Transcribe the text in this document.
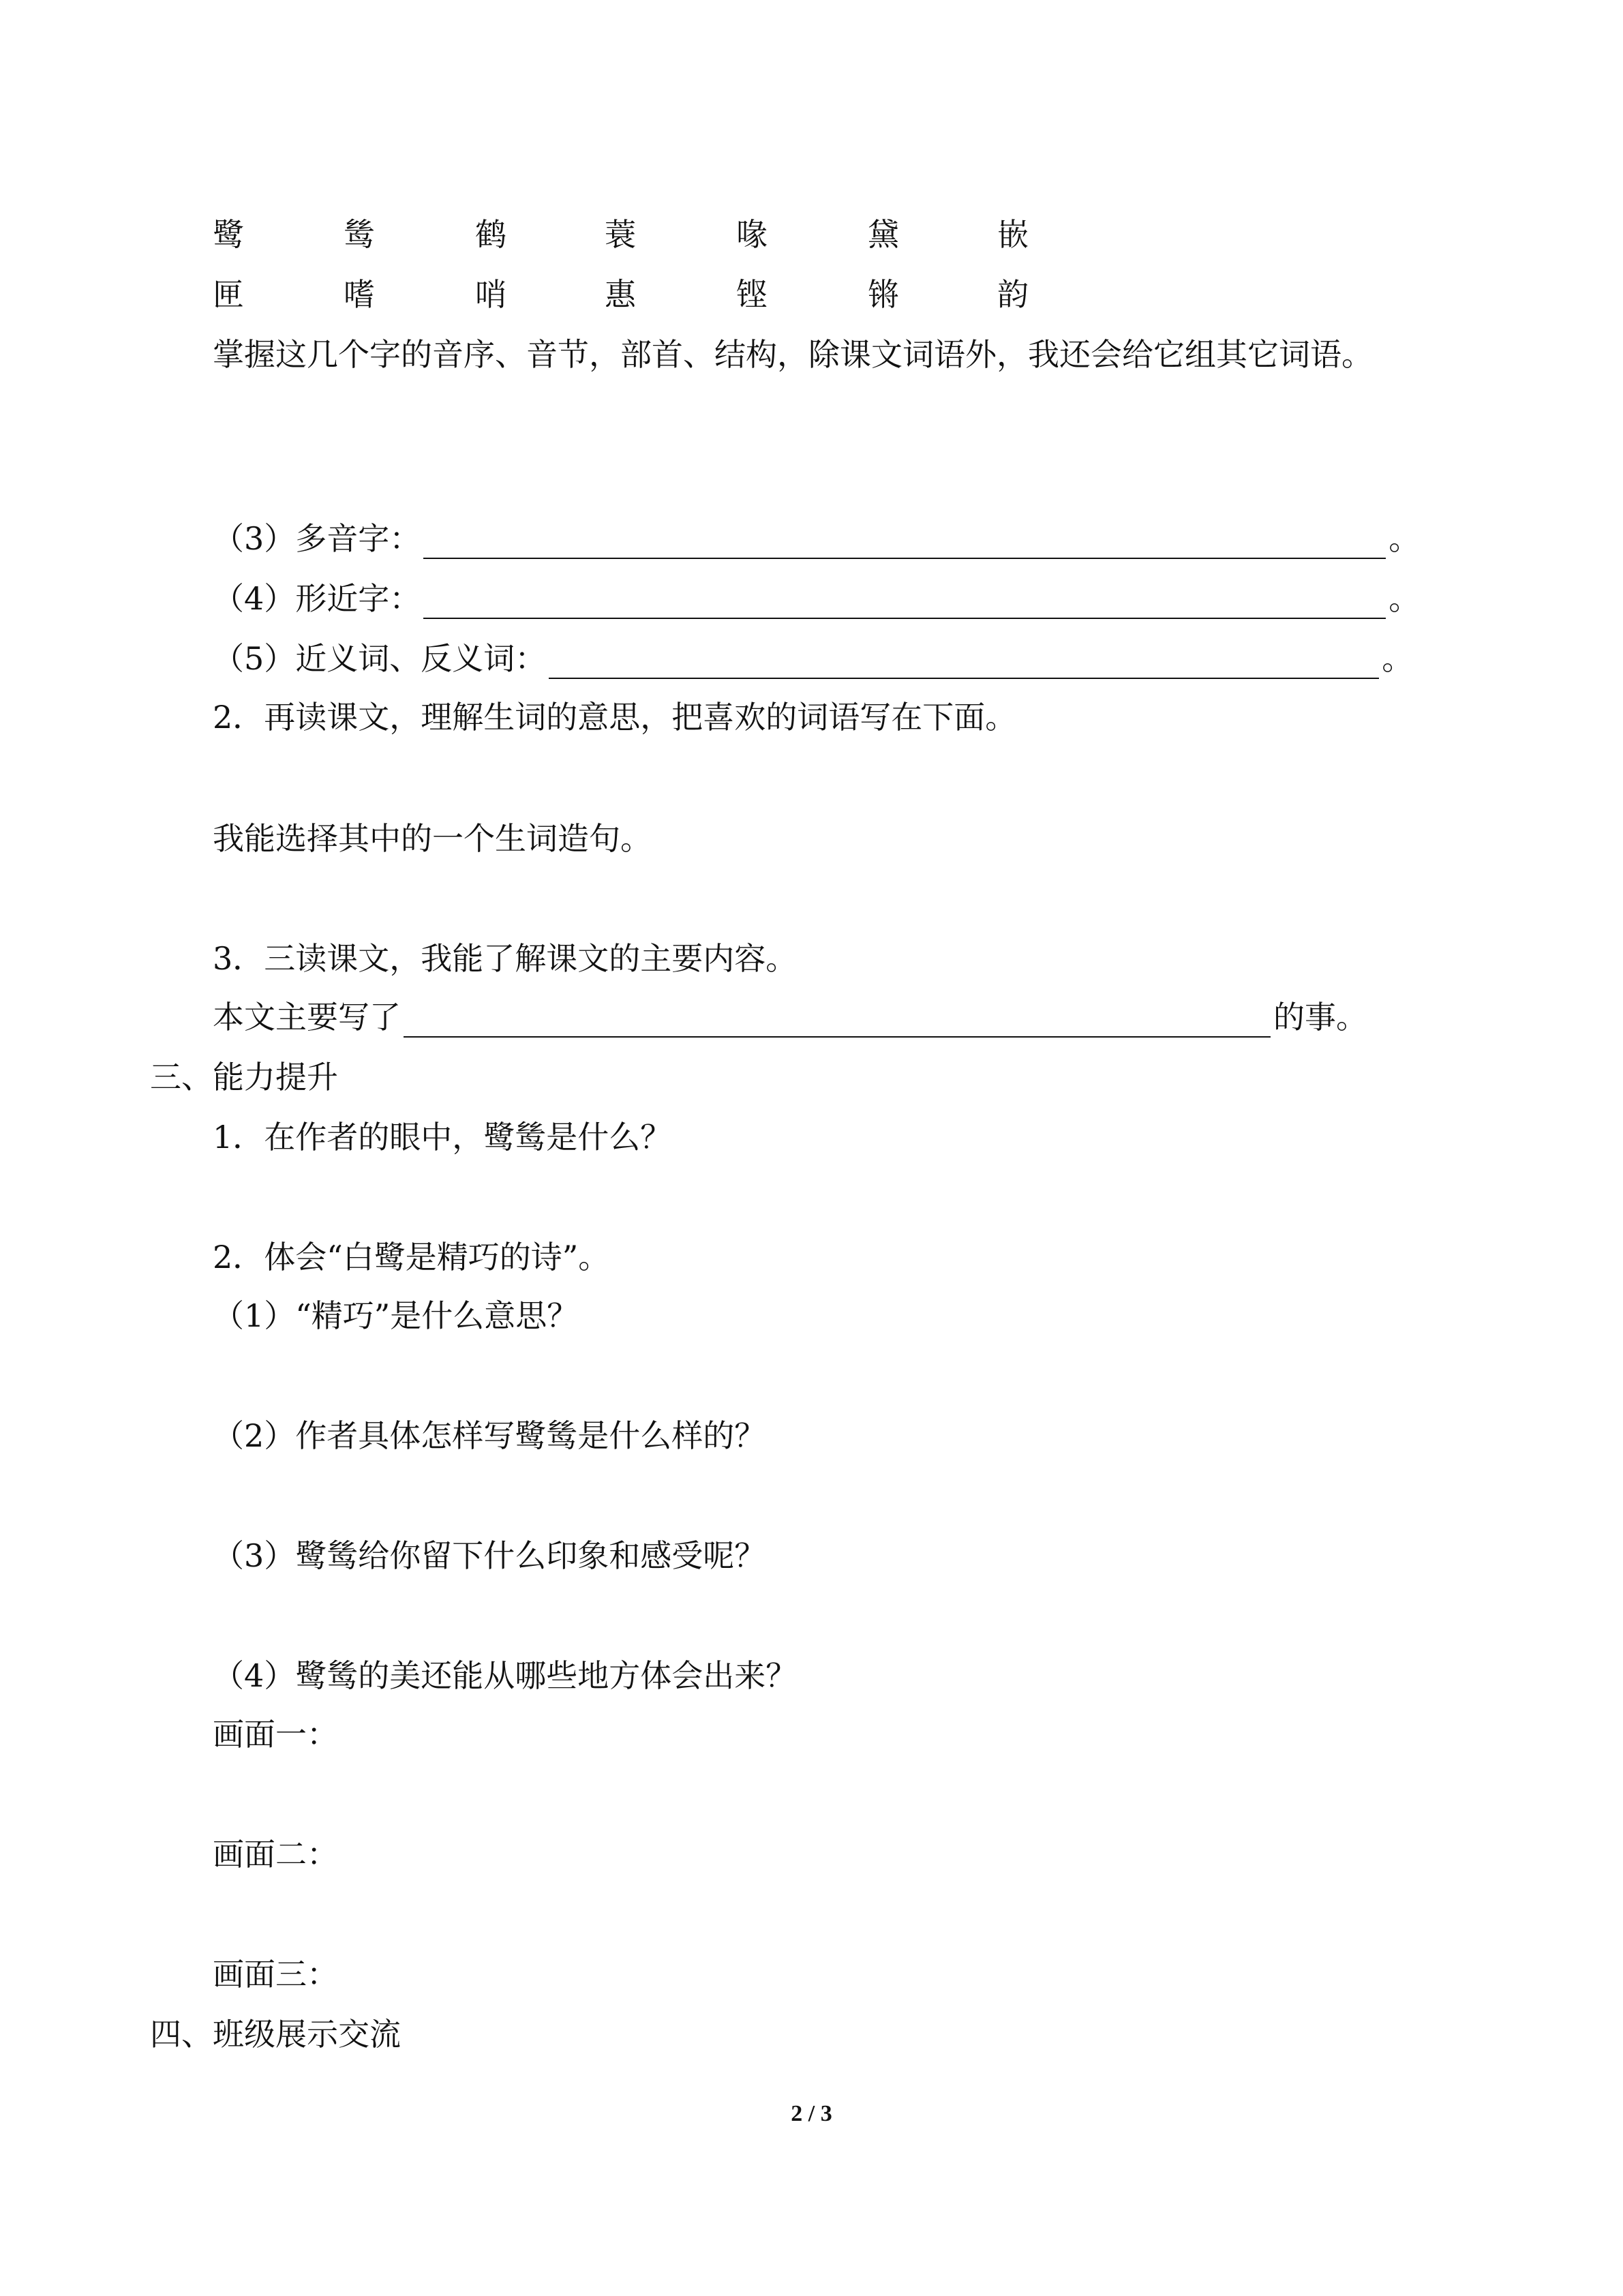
鹭	鸶	鹤	蓑	喙	黛	嵌
匣	嗜	哨	惠	铿	锵	韵
掌握这几个字的音序、音节，部首、结构，除课文词语外，我还会给它组其它词语。
（3）多音字：	。
（4）形近字：	。
（5）近义词、反义词：	。
2．再读课文，理解生词的意思，把喜欢的词语写在下面。
我能选择其中的一个生词造句。
3．三读课文，我能了解课文的主要内容。
本文主要写了	的事。
三、能力提升
1．在作者的眼中，鹭鸶是什么？
2．体会“白鹭是精巧的诗”。
（1）“精巧”是什么意思？
（2）作者具体怎样写鹭鸶是什么样的？
（3）鹭鸶给你留下什么印象和感受呢？
（4）鹭鸶的美还能从哪些地方体会出来？
画面一：
画面二：
画面三：
四、班级展示交流
2 / 3
